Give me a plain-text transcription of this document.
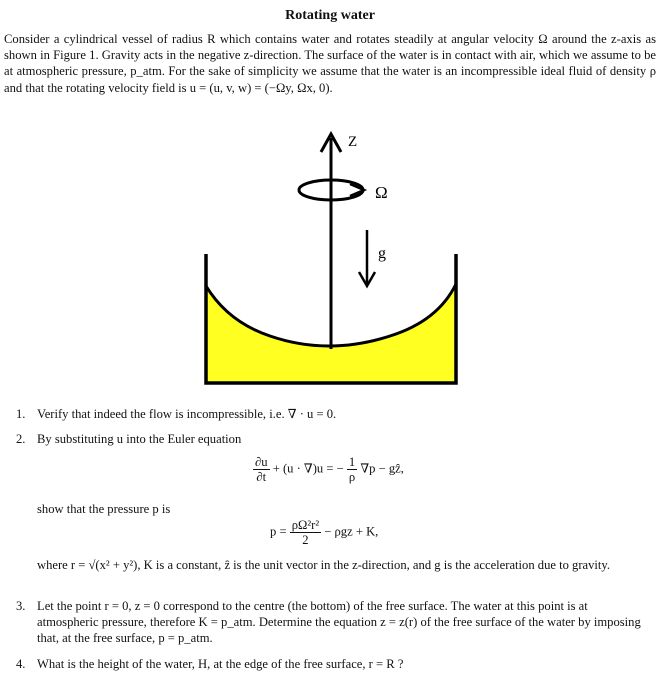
Rotating water
Consider a cylindrical vessel of radius R which contains water and rotates steadily at angular velocity Ω around the z-axis as shown in Figure 1. Gravity acts in the negative z-direction. The surface of the water is in contact with air, which we assume to be at atmospheric pressure, p_atm. For the sake of simplicity we assume that the water is an incompressible ideal fluid of density ρ and that the rotating velocity field is u = (u, v, w) = (−Ωy, Ωx, 0).
Z
Ω
g
1. Verify that indeed the flow is incompressible, i.e. ∇ · u = 0.
2. By substituting u into the Euler equation
$\frac{\partial u}{\partial t} + (u \cdot \nabla)u$ = − $\frac{1}{\rho} \nabla p$ − gẑ,
show that the pressure p is
$p = \frac{\text{ρΩ²r²}}{2} - \rho gz + K$,
where r = √(x² + y²), K is a constant, ẑ is the unit vector in the z-direction, and g is the acceleration due to gravity.
3. Let the point r = 0, z = 0 correspond to the centre (the bottom) of the free surface. The water at this point is at atmospheric pressure, therefore K = p_atm. Determine the equation z = z(r) of the free surface of the water by imposing that, at the free surface, p = p_atm.
4. What is the height of the water, H, at the edge of the free surface, r = R ?
